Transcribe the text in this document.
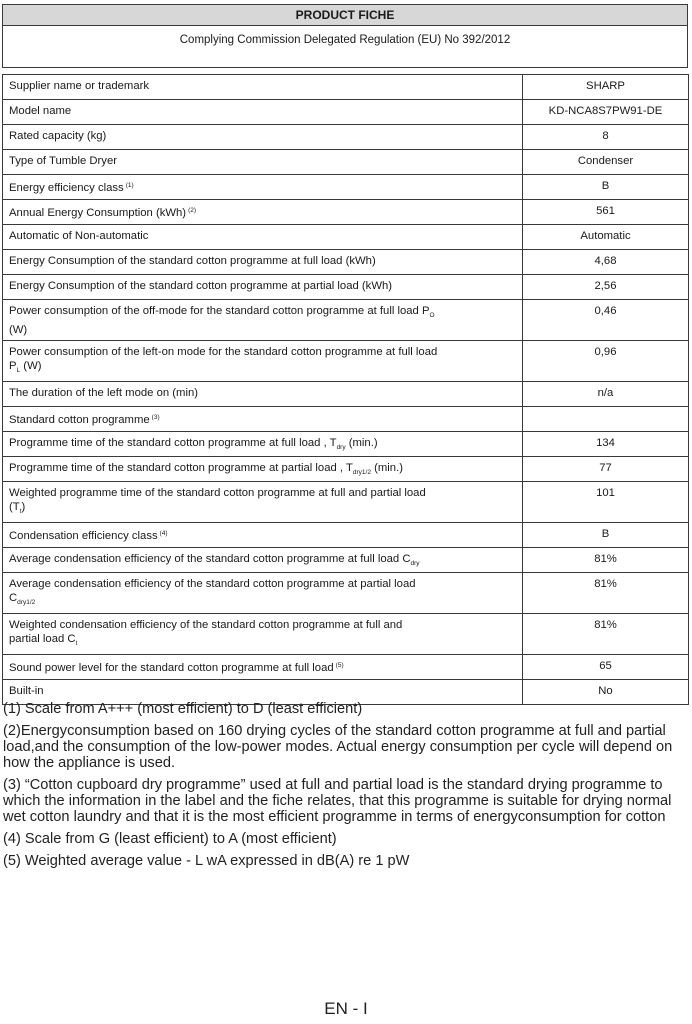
PRODUCT FICHE
Complying Commission Delegated Regulation (EU) No 392/2012
Supplier name or trademark	SHARP
Model name	KD-NCA8S7PW91-DE
Rated capacity (kg)	8
Type of Tumble Dryer	Condenser
Energy efficiency class $^{(1)}$	B
Annual Energy Consumption (kWh) $^{(2)}$	561
Automatic of Non-automatic	Automatic
Energy Consumption of the standard cotton programme at full load (kWh)	4,68
Energy Consumption of the standard cotton programme at partial load (kWh)	2,56
Power consumption of the off-mode for the standard cotton programme at full load $P_O$
(W)	0,46
Power consumption of the left-on mode for the standard cotton programme at full load
$P_L$ (W)	0,96
The duration of the left mode on (min)	n/a
Standard cotton programme $^{(3)}$	
Programme time of the standard cotton programme at full load , $T_{dry}$ (min.)	134
Programme time of the standard cotton programme at partial load , $T_{dry1/2}$ (min.)	77
Weighted programme time of the standard cotton programme at full and partial load
$(T_t)$	101
Condensation efficiency class $^{(4)}$	B
Average condensation efficiency of the standard cotton programme at full load $C_{dry}$	81%
Average condensation efficiency of the standard cotton programme at partial load
$C_{dry1/2}$	81%
Weighted condensation efficiency of the standard cotton programme at full and
partial load $C_t$	81%
Sound power level for the standard cotton programme at full load $^{(5)}$	65
Built-in	No

(1) Scale from A+++ (most efficient) to D (least efficient)

(2)Energyconsumption based on 160 drying cycles of the standard cotton programme at full and partial load,and the consumption of the low-power modes. Actual energy consumption per cycle will depend on how the appliance is used.

(3) “Cotton cupboard dry programme” used at full and partial load is the standard drying programme to which the information in the label and the fiche relates, that this programme is suitable for drying normal wet cotton laundry and that it is the most efficient programme in terms of energyconsumption for cotton

(4) Scale from G (least efficient) to A (most efficient)

(5) Weighted average value - L wA expressed in dB(A) re 1 pW

EN - I
